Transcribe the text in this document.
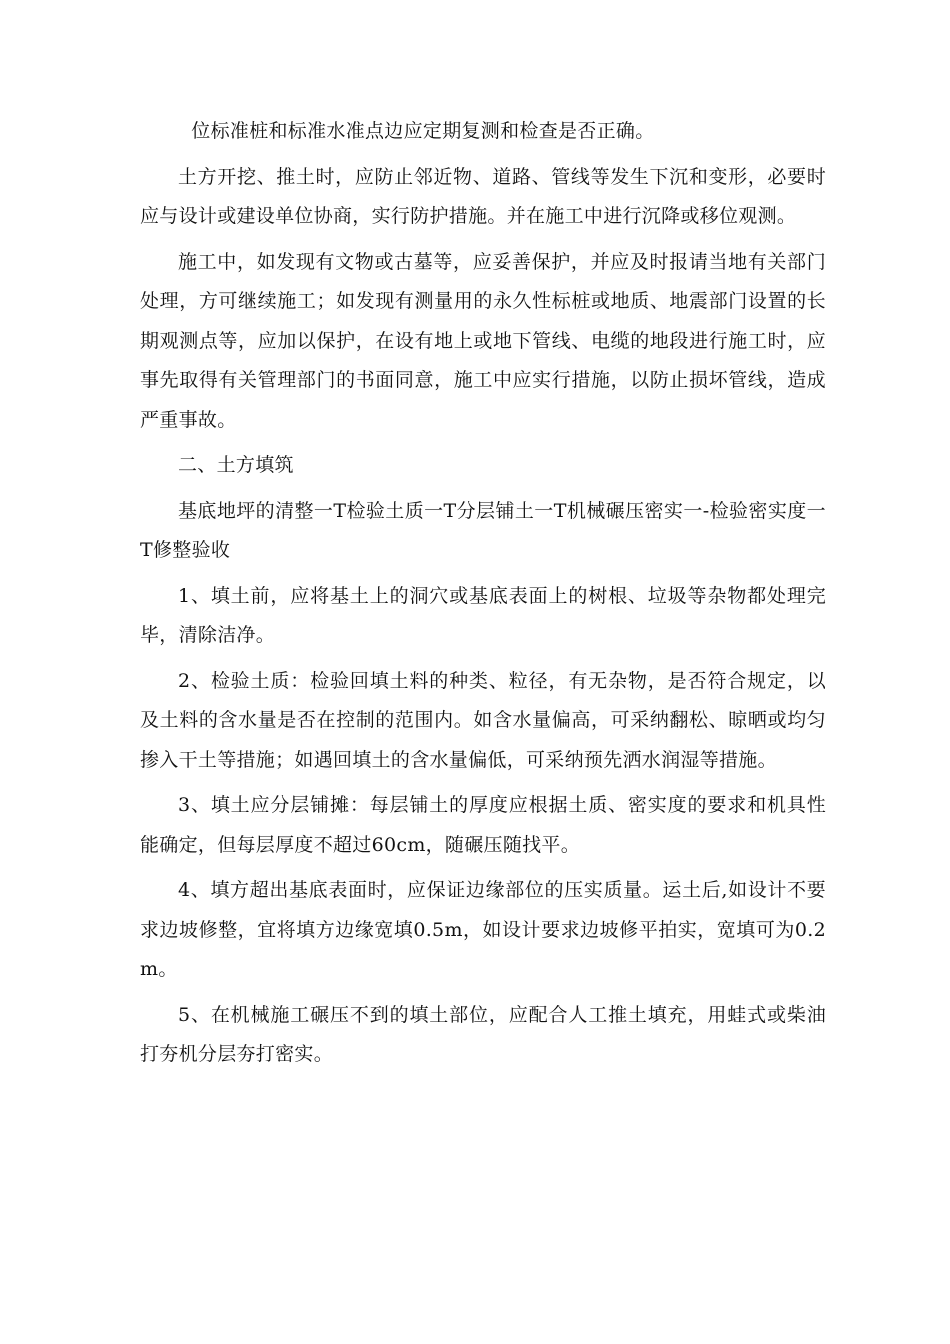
位标准桩和标准水准点边应定期复测和检查是否正确。

土方开挖、推土时，应防止邻近物、道路、管线等发生下沉和变形，必要时应与设计或建设单位协商，实行防护措施。并在施工中进行沉降或移位观测。

施工中，如发现有文物或古墓等，应妥善保护，并应及时报请当地有关部门处理，方可继续施工；如发现有测量用的永久性标桩或地质、地震部门设置的长期观测点等，应加以保护，在设有地上或地下管线、电缆的地段进行施工时，应事先取得有关管理部门的书面同意，施工中应实行措施，以防止损坏管线，造成严重事故。

二、土方填筑

基底地坪的清整一T检验土质一T分层铺土一T机械碾压密实一-检验密实度一T修整验收

1、填土前，应将基土上的洞穴或基底表面上的树根、垃圾等杂物都处理完毕，清除洁净。

2、检验土质：检验回填土料的种类、粒径，有无杂物，是否符合规定，以及土料的含水量是否在控制的范围内。如含水量偏高，可采纳翻松、晾晒或均匀掺入干土等措施；如遇回填土的含水量偏低，可采纳预先洒水润湿等措施。

3、填土应分层铺摊：每层铺土的厚度应根据土质、密实度的要求和机具性能确定，但每层厚度不超过60cm，随碾压随找平。

4、填方超出基底表面时，应保证边缘部位的压实质量。运土后,如设计不要求边坡修整，宜将填方边缘宽填0.5m，如设计要求边坡修平拍实，宽填可为0.2m。

5、在机械施工碾压不到的填土部位，应配合人工推土填充，用蛙式或柴油打夯机分层夯打密实。
